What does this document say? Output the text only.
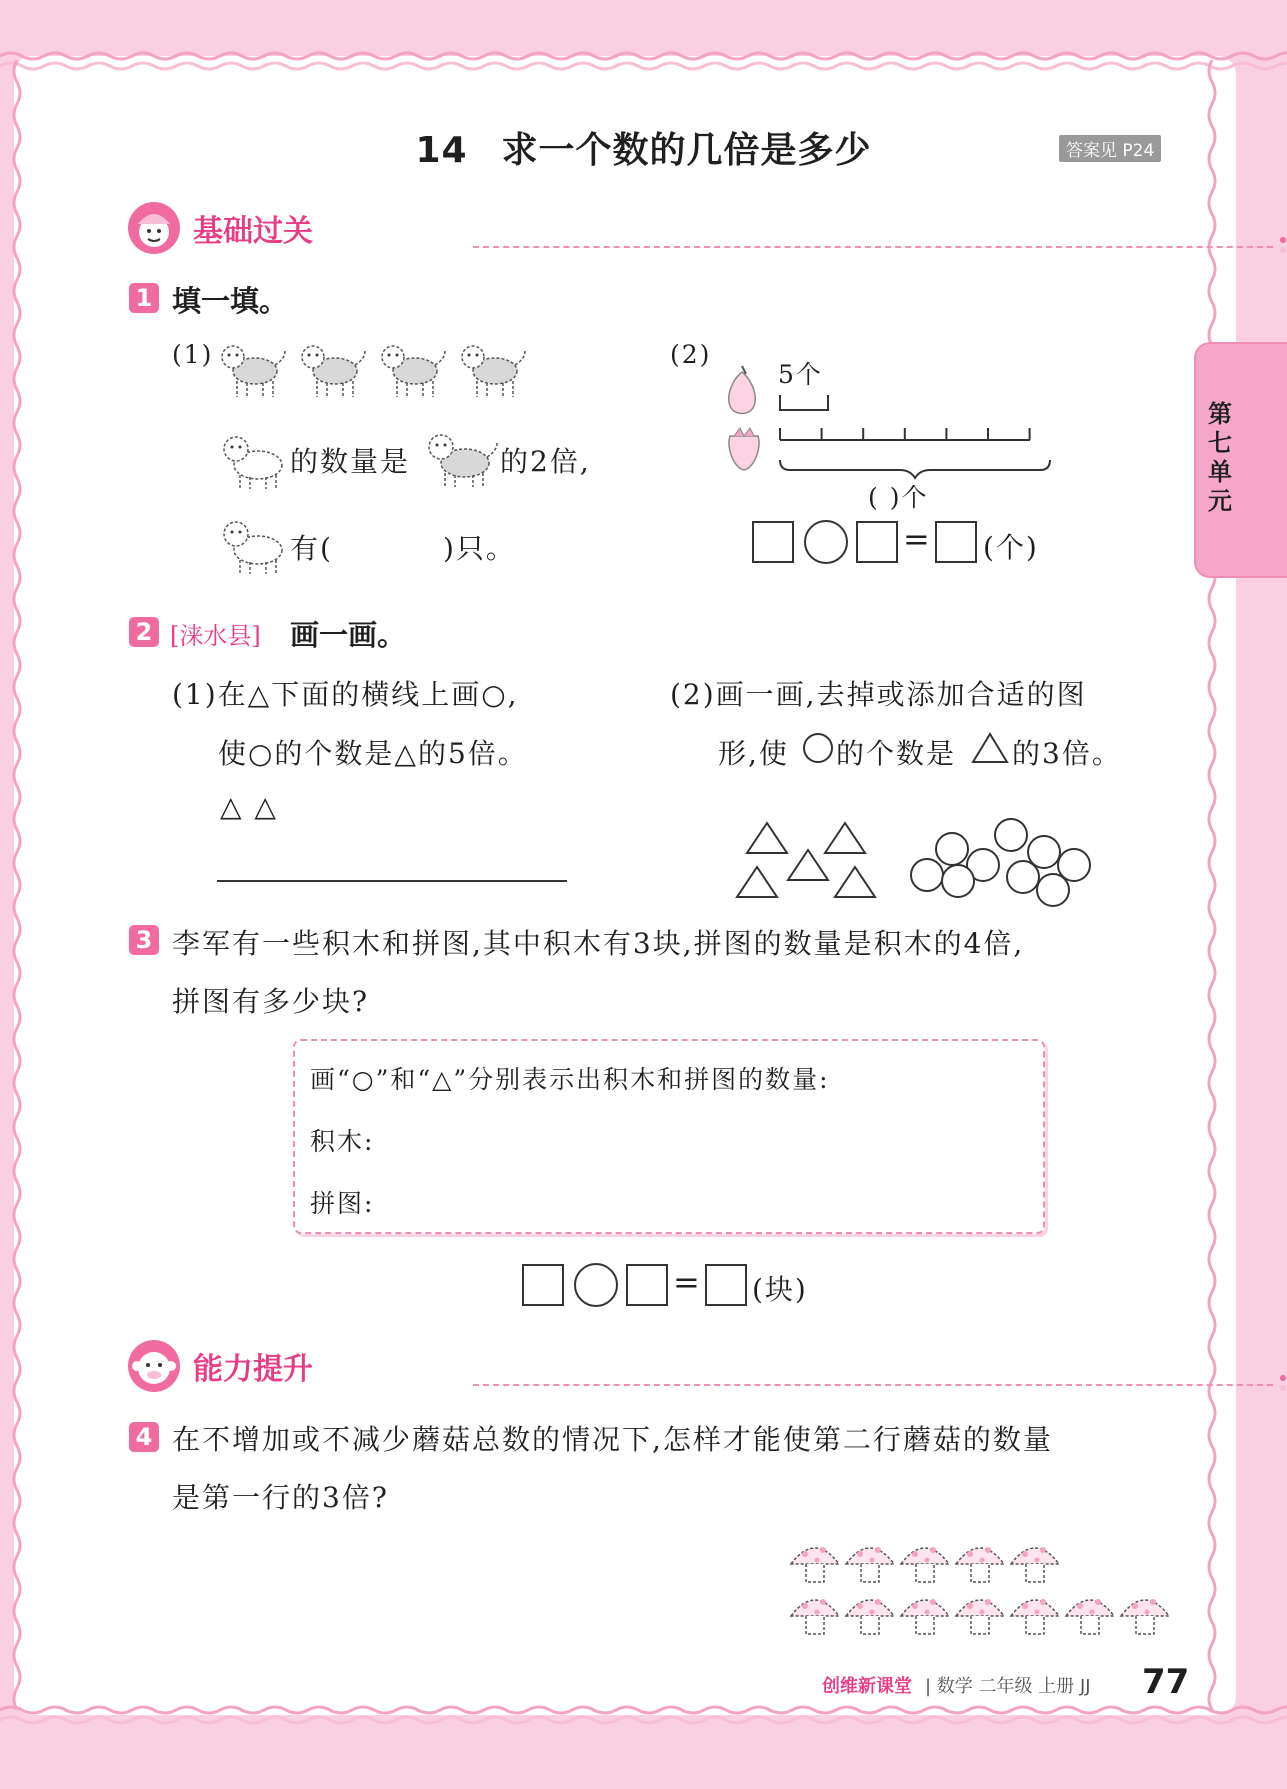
14 求一个数的几倍是多少	答案见 P24
第七单元
基础过关
1 填一填。
(1)
的数量是	的2倍,
有(	)只。
(2)
5个
( )个
= (个)
2 [涞水县] 画一画。
(1)在△下面的横线上画○,
使○的个数是△的5倍。
△ △
(2)画一画,去掉或添加合适的图
形,使 的个数是 的3倍。
3 李军有一些积木和拼图,其中积木有3块,拼图的数量是积木的4倍,
拼图有多少块?
画“○”和“△”分别表示出积木和拼图的数量:
积木:
拼图:
= (块)
能力提升
4 在不增加或不减少蘑菇总数的情况下,怎样才能使第二行蘑菇的数量
是第一行的3倍?
创维新课堂 | 数学 二年级 上册 JJ 77
